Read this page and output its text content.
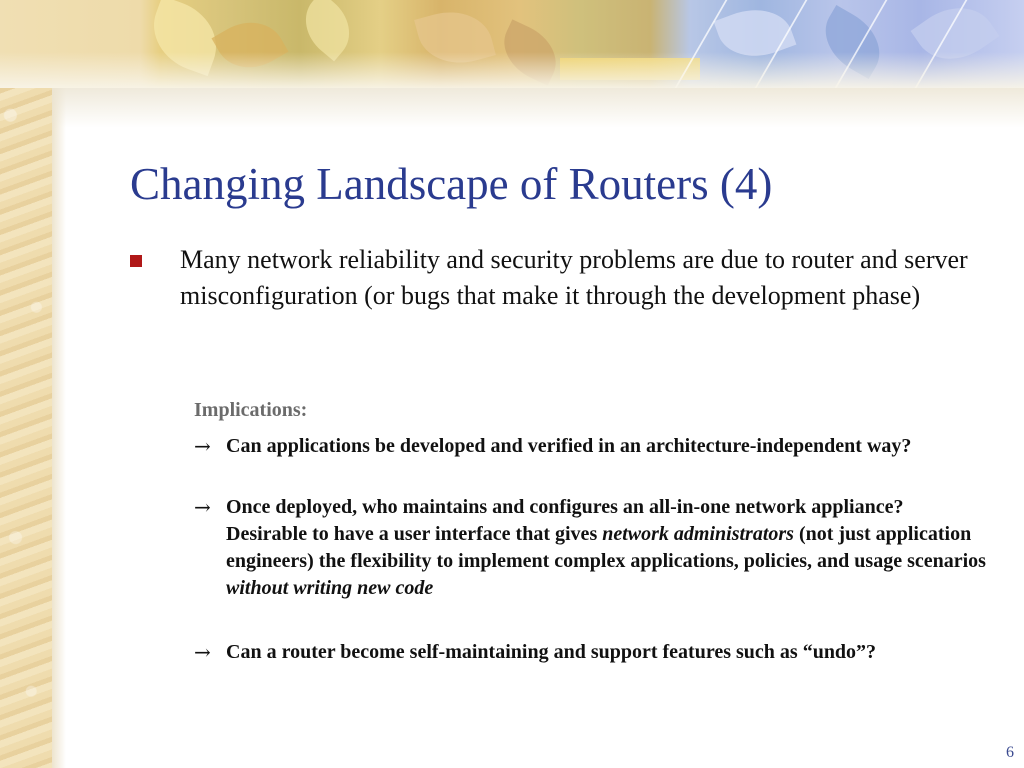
Changing Landscape of Routers (4)

Many network reliability and security problems are due to router and server misconfiguration (or bugs that make it through the development phase)

Implications:

→ Can applications be developed and verified in an architecture-independent way?

→ Once deployed, who maintains and configures an all-in-one network appliance? Desirable to have a user interface that gives network administrators (not just application engineers) the flexibility to implement complex applications, policies, and usage scenarios without writing new code

→ Can a router become self-maintaining and support features such as “undo”?

6
